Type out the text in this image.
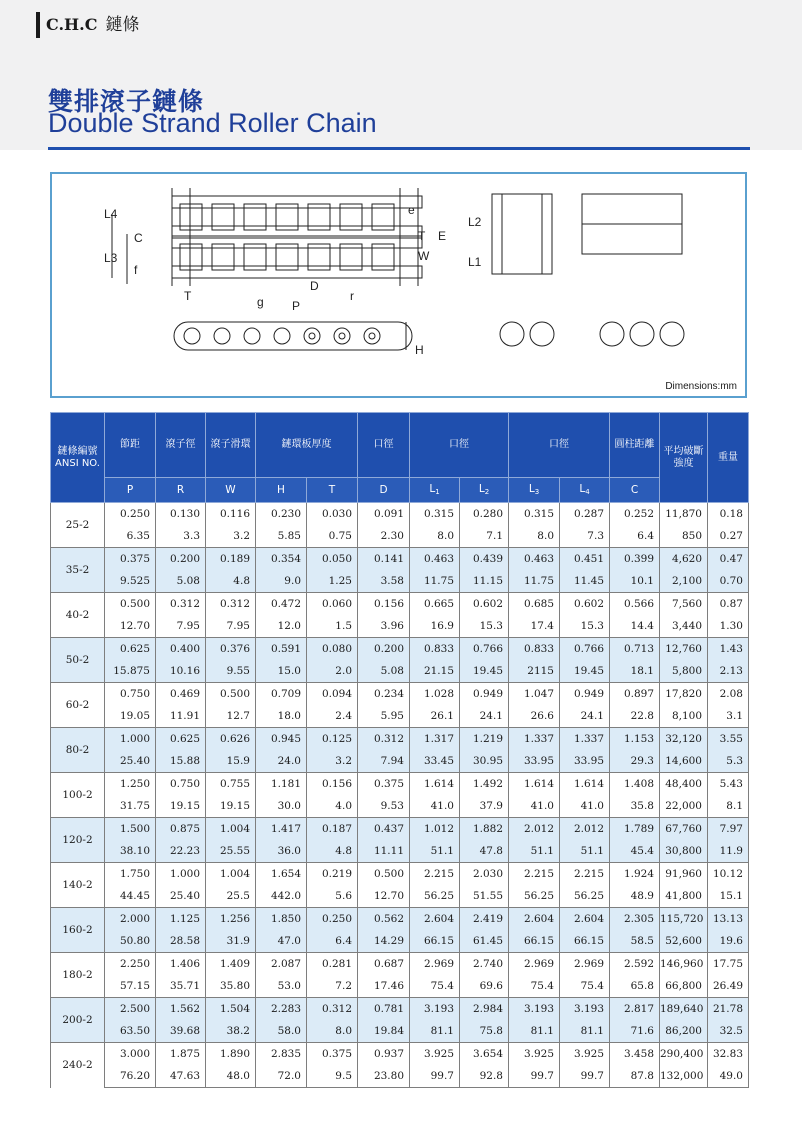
C.H.C 鏈條
雙排滾子鏈條
Double Strand Roller Chain
L4
C
L3
f
T	g P
D
r
e
T E
W
L2
L1
H
Dimensions:mm
鏈條編號
ANSI NO.	節距	滾子徑	滾子滑環	鏈環板厚度		口徑	口徑		口徑		圓柱距離	平均破斷強度	重量
	P	R	W	H	T	D	$L_1$	$L_2$	$L_3$	$L_4$	C		
25-2	0.250	0.130	0.116	0.230	0.030	0.091	0.315	0.280	0.315	0.287	0.252	11,870	0.18
	6.35	3.3	3.2	5.85	0.75	2.30	8.0	7.1	8.0	7.3	6.4	850	0.27
35-2	0.375	0.200	0.189	0.354	0.050	0.141	0.463	0.439	0.463	0.451	0.399	4,620	0.47
	9.525	5.08	4.8	9.0	1.25	3.58	11.75	11.15	11.75	11.45	10.1	2,100	0.70
40-2	0.500	0.312	0.312	0.472	0.060	0.156	0.665	0.602	0.685	0.602	0.566	7,560	0.87
	12.70	7.95	7.95	12.0	1.5	3.96	16.9	15.3	17.4	15.3	14.4	3,440	1.30
50-2	0.625	0.400	0.376	0.591	0.080	0.200	0.833	0.766	0.833	0.766	0.713	12,760	1.43
	15.875	10.16	9.55	15.0	2.0	5.08	21.15	19.45	2115	19.45	18.1	5,800	2.13
60-2	0.750	0.469	0.500	0.709	0.094	0.234	1.028	0.949	1.047	0.949	0.897	17,820	2.08
	19.05	11.91	12.7	18.0	2.4	5.95	26.1	24.1	26.6	24.1	22.8	8,100	3.1
80-2	1.000	0.625	0.626	0.945	0.125	0.312	1.317	1.219	1.337	1.337	1.153	32,120	3.55
	25.40	15.88	15.9	24.0	3.2	7.94	33.45	30.95	33.95	33.95	29.3	14,600	5.3
100-2	1.250	0.750	0.755	1.181	0.156	0.375	1.614	1.492	1.614	1.614	1.408	48,400	5.43
	31.75	19.15	19.15	30.0	4.0	9.53	41.0	37.9	41.0	41.0	35.8	22,000	8.1
120-2	1.500	0.875	1.004	1.417	0.187	0.437	1.012	1.882	2.012	2.012	1.789	67,760	7.97
	38.10	22.23	25.55	36.0	4.8	11.11	51.1	47.8	51.1	51.1	45.4	30,800	11.9
140-2	1.750	1.000	1.004	1.654	0.219	0.500	2.215	2.030	2.215	2.215	1.924	91,960	10.12
	44.45	25.40	25.5	442.0	5.6	12.70	56.25	51.55	56.25	56.25	48.9	41,800	15.1
160-2	2.000	1.125	1.256	1.850	0.250	0.562	2.604	2.419	2.604	2.604	2.305	115,720	13.13
	50.80	28.58	31.9	47.0	6.4	14.29	66.15	61.45	66.15	66.15	58.5	52,600	19.6
180-2	2.250	1.406	1.409	2.087	0.281	0.687	2.969	2.740	2.969	2.969	2.592	146,960	17.75
	57.15	35.71	35.80	53.0	7.2	17.46	75.4	69.6	75.4	75.4	65.8	66,800	26.49
200-2	2.500	1.562	1.504	2.283	0.312	0.781	3.193	2.984	3.193	3.193	2.817	189,640	21.78
	63.50	39.68	38.2	58.0	8.0	19.84	81.1	75.8	81.1	81.1	71.6	86,200	32.5
240-2	3.000	1.875	1.890	2.835	0.375	0.937	3.925	3.654	3.925	3.925	3.458	290,400	32.83
	76.20	47.63	48.0	72.0	9.5	23.80	99.7	92.8	99.7	99.7	87.8	132,000	49.0
